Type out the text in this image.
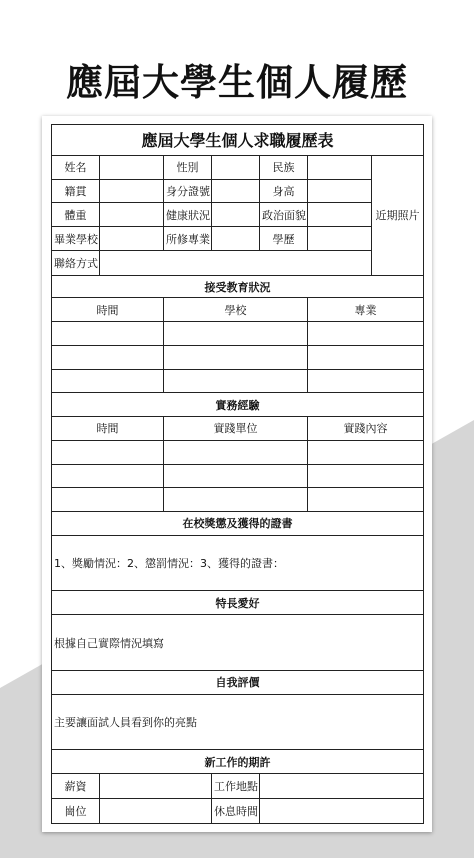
應屆大學生個人履歷
應屆大學生個人求職履歷表						
姓名		性別		民族		近期照片
籍貫		身分證號		身高		
體重		健康狀況		政治面貌		
畢業學校		所修專業		學歷		
聯絡方式						
接受教育狀況						
時間		學校			專業	

實務經驗						
時間		實踐單位			實踐內容	

在校獎懲及獲得的證書						
1、獎勵情況：2、懲罰情況：3、獲得的證書：						
特長愛好						
根據自己實際情況填寫						
自我評價						
主要讓面試人員看到你的亮點						
新工作的期許						
薪資			工作地點			
崗位			休息時間			
